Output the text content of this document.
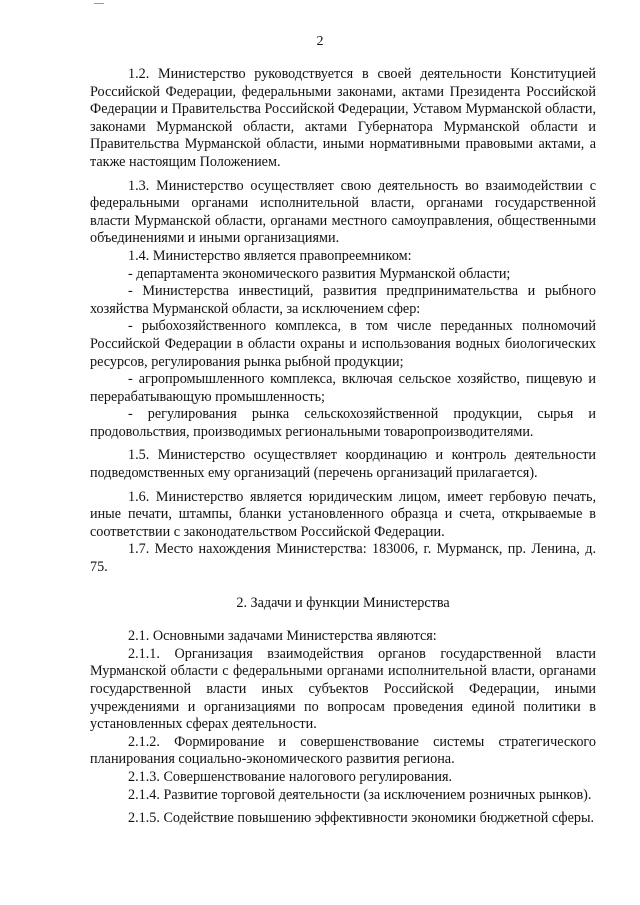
2

1.2. Министерство руководствуется в своей деятельности Конституцией Российской Федерации, федеральными законами, актами Президента Российской Федерации и Правительства Российской Федерации, Уставом Мурманской области, законами Мурманской области, актами Губернатора Мурманской области и Правительства Мурманской области, иными нормативными правовыми актами, а также настоящим Положением.

1.3. Министерство осуществляет свою деятельность во взаимодействии с федеральными органами исполнительной власти, органами государственной власти Мурманской области, органами местного самоуправления, общественными объединениями и иными организациями.

1.4. Министерство является правопреемником:

- департамента экономического развития Мурманской области;

- Министерства инвестиций, развития предпринимательства и рыбного хозяйства Мурманской области, за исключением сфер:

- рыбохозяйственного комплекса, в том числе переданных полномочий Российской Федерации в области охраны и использования водных биологических ресурсов, регулирования рынка рыбной продукции;

- агропромышленного комплекса, включая сельское хозяйство, пищевую и перерабатывающую промышленность;

- регулирования рынка сельскохозяйственной продукции, сырья и продовольствия, производимых региональными товаропроизводителями.

1.5. Министерство осуществляет координацию и контроль деятельности подведомственных ему организаций (перечень организаций прилагается).

1.6. Министерство является юридическим лицом, имеет гербовую печать, иные печати, штампы, бланки установленного образца и счета, открываемые в соответствии с законодательством Российской Федерации.

1.7. Место нахождения Министерства: 183006, г. Мурманск, пр. Ленина, д. 75.

2. Задачи и функции Министерства

2.1. Основными задачами Министерства являются:

2.1.1. Организация взаимодействия органов государственной власти Мурманской области с федеральными органами исполнительной власти, органами государственной власти иных субъектов Российской Федерации, иными учреждениями и организациями по вопросам проведения единой политики в установленных сферах деятельности.

2.1.2. Формирование и совершенствование системы стратегического планирования социально-экономического развития региона.

2.1.3. Совершенствование налогового регулирования.

2.1.4. Развитие торговой деятельности (за исключением розничных рынков).

2.1.5. Содействие повышению эффективности экономики бюджетной сферы.
